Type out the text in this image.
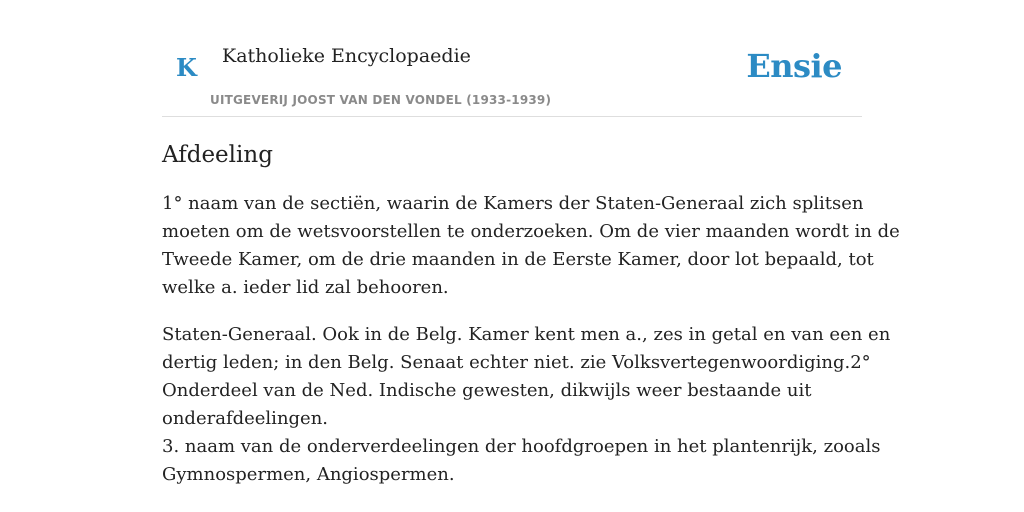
K Katholieke Encyclopaedie
UITGEVERIJ JOOST VAN DEN VONDEL (1933-1939)
Ensie
Afdeeling

1° naam van de sectiën, waarin de Kamers der Staten-Generaal zich splitsen
moeten om de wetsvoorstellen te onderzoeken. Om de vier maanden wordt in de
Tweede Kamer, om de drie maanden in de Eerste Kamer, door lot bepaald, tot
welke a. ieder lid zal behooren.

Staten-Generaal. Ook in de Belg. Kamer kent men a., zes in getal en van een en
dertig leden; in den Belg. Senaat echter niet. zie Volksvertegenwoordiging.2°
Onderdeel van de Ned. Indische gewesten, dikwijls weer bestaande uit
onderafdeelingen.
3. naam van de onderverdeelingen der hoofdgroepen in het plantenrijk, zooals
Gymnospermen, Angiospermen.
